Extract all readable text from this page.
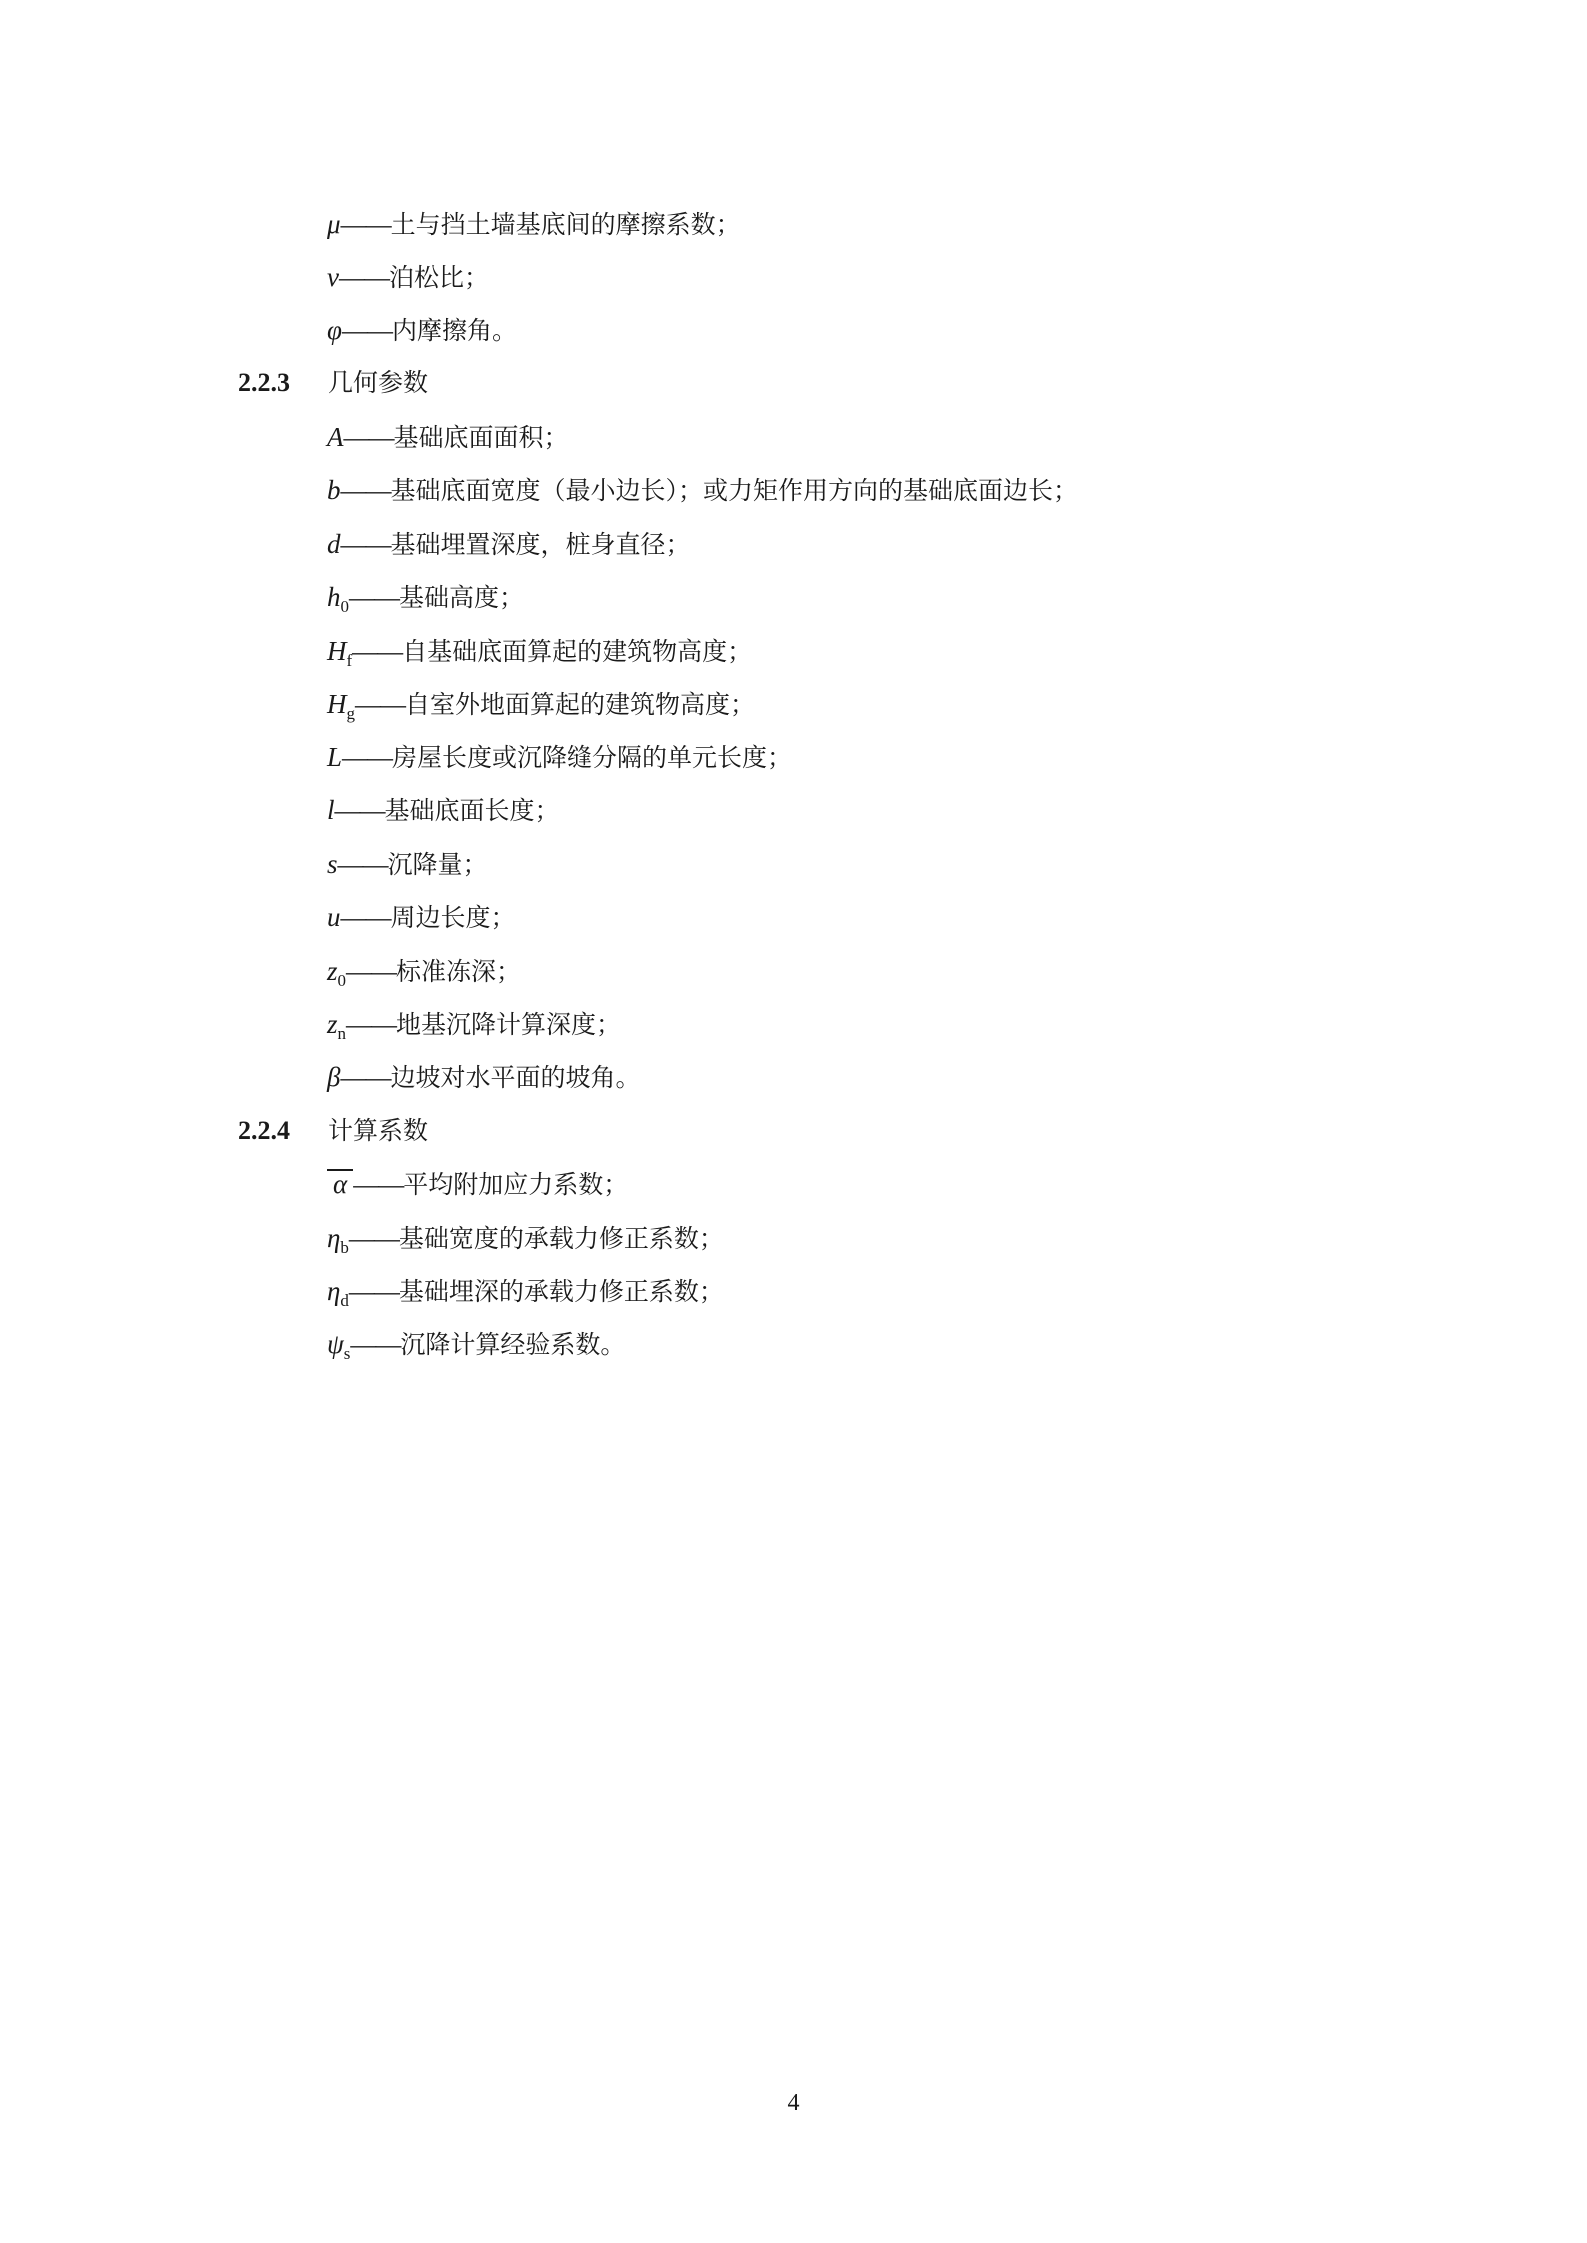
μ——土与挡土墙基底间的摩擦系数；
ν——泊松比；
φ——内摩擦角。
2.2.3 几何参数
A——基础底面面积；
b——基础底面宽度（最小边长）；或力矩作用方向的基础底面边长；
d——基础埋置深度，桩身直径；
$h_0——$基础高度；
$H_f——$自基础底面算起的建筑物高度；
$H_g——$自室外地面算起的建筑物高度；
L——房屋长度或沉降缝分隔的单元长度；
l——基础底面长度；
s——沉降量；
u——周边长度；
$z_0——$标准冻深；
$z_n——$地基沉降计算深度；
β——边坡对水平面的坡角。
2.2.4 计算系数
α ——平均附加应力系数；
$\eta_b——$基础宽度的承载力修正系数；
$\eta_d——$基础埋深的承载力修正系数；
$\psi_s——$沉降计算经验系数。
4
